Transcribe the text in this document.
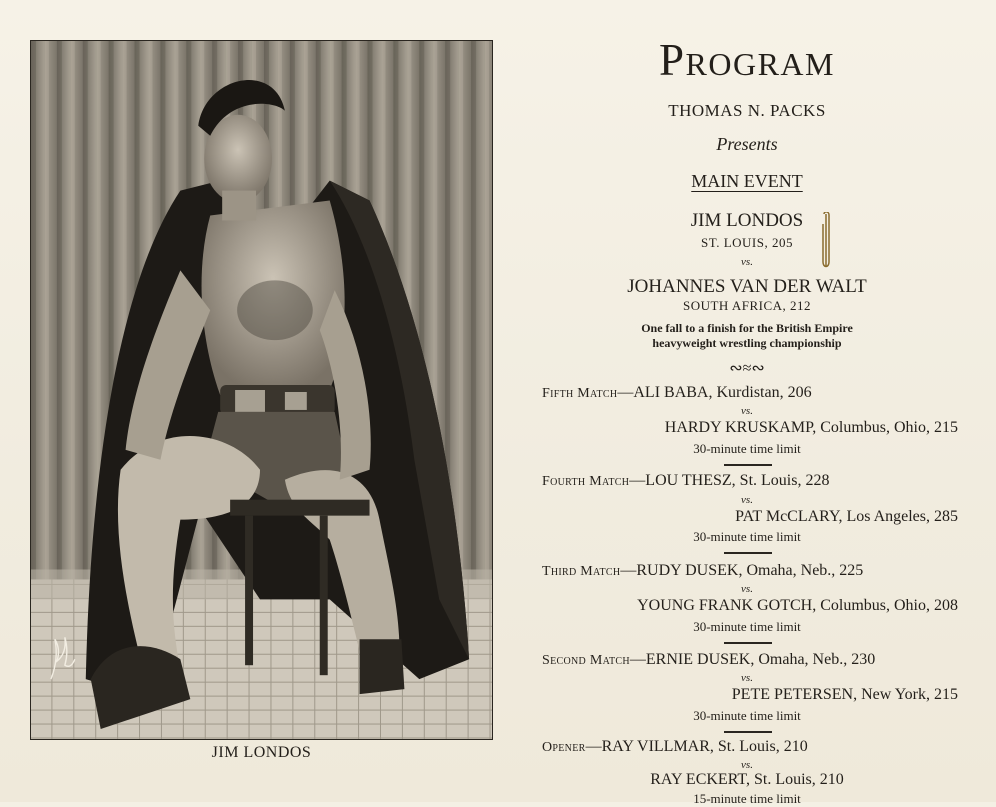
JIM LONDOS
Program
THOMAS N. PACKS
Presents
MAIN EVENT
JIM LONDOS
ST. LOUIS, 205
vs.
JOHANNES VAN DER WALT
SOUTH AFRICA, 212
One fall to a finish for the British Empire
heavyweight wrestling championship
∾≈∾
Fifth Match—ALI BABA, Kurdistan, 206
vs.
HARDY KRUSKAMP, Columbus, Ohio, 215
30-minute time limit
Fourth Match—LOU THESZ, St. Louis, 228
vs.
PAT McCLARY, Los Angeles, 285
30-minute time limit
Third Match—RUDY DUSEK, Omaha, Neb., 225
vs.
YOUNG FRANK GOTCH, Columbus, Ohio, 208
30-minute time limit
Second Match—ERNIE DUSEK, Omaha, Neb., 230
vs.
PETE PETERSEN, New York, 215
30-minute time limit
Opener—RAY VILLMAR, St. Louis, 210
vs.
RAY ECKERT, St. Louis, 210
15-minute time limit
